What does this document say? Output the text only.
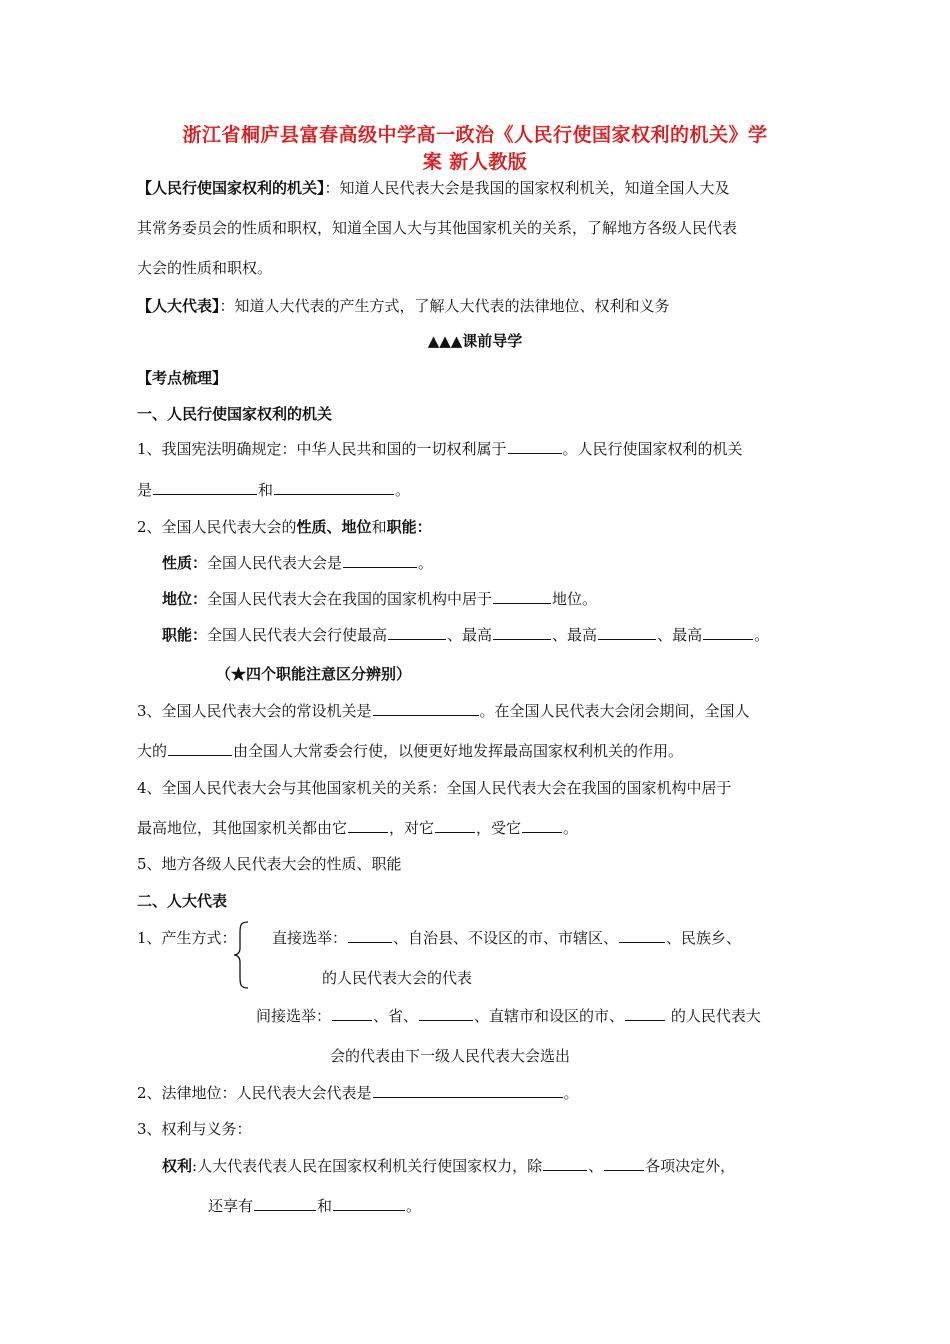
浙江省桐庐县富春高级中学高一政治《人民行使国家权利的机关》学
案 新人教版
【人民行使国家权利的机关】：知道人民代表大会是我国的国家权利机关，知道全国人大及
其常务委员会的性质和职权，知道全国人大与其他国家机关的关系，了解地方各级人民代表
大会的性质和职权。
【人大代表】：知道人大代表的产生方式，了解人大代表的法律地位、权利和义务
▲▲▲课前导学
【考点梳理】
一、人民行使国家权利的机关
1、我国宪法明确规定：中华人民共和国的一切权利属于	。人民行使国家权利的机关
是	和	。
2、全国人民代表大会的性质、地位和职能：
性质：全国人民代表大会是	。
地位：全国人民代表大会在我国的国家机构中居于	地位。
职能：全国人民代表大会行使最高	、最高	、最高	、最高	。
（★四个职能注意区分辨别）
3、全国人民代表大会的常设机关是	。在全国人民代表大会闭会期间，全国人
大的	由全国人大常委会行使，以便更好地发挥最高国家权利机关的作用。
4、全国人民代表大会与其他国家机关的关系：全国人民代表大会在我国的国家机构中居于
最高地位，其他国家机关都由它	，对它	，受它	。
5、地方各级人民代表大会的性质、职能
二、人大代表
1、产生方式： 直接选举：	、自治县、不设区的市、市辖区、	、民族乡、
的人民代表大会的代表
间接选举：	、省、	、直辖市和设区的市、	的人民代表大
会的代表由下一级人民代表大会选出
2、法律地位：人民代表大会代表是	。
3、权利与义务：
权利:人大代表代表人民在国家权利机关行使国家权力，除	、	各项决定外，
还享有	和	。
